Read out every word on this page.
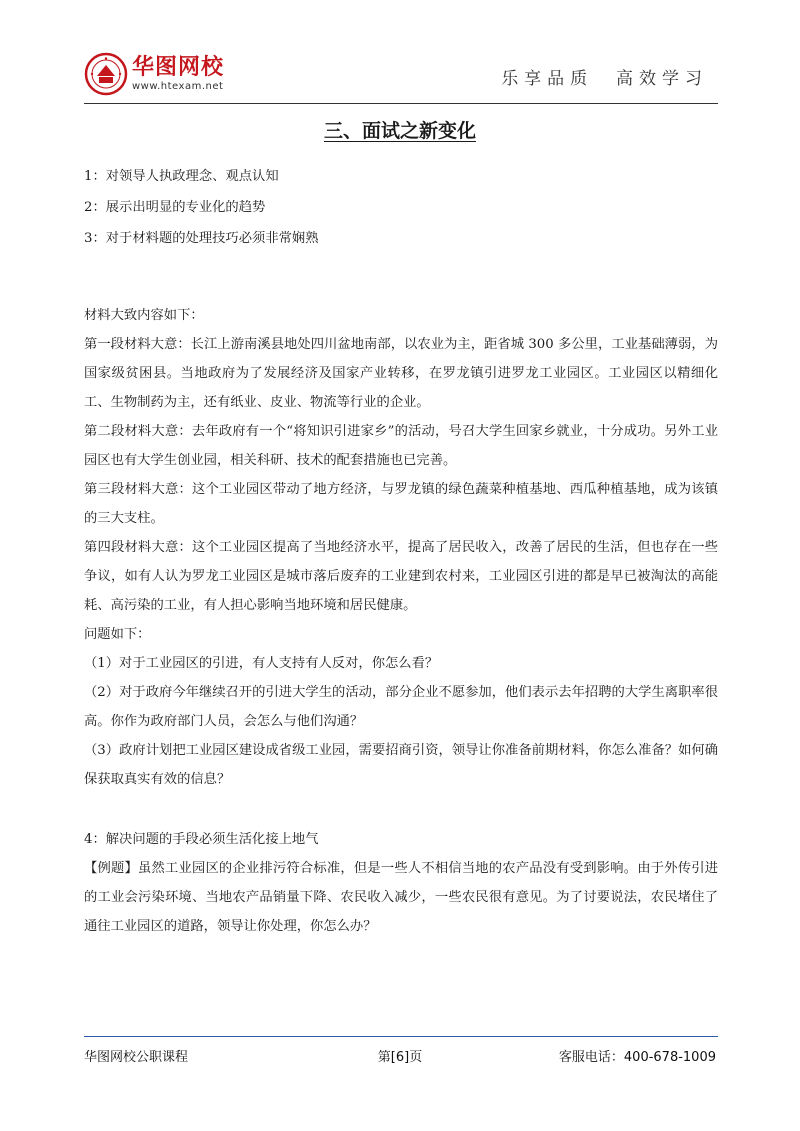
华图网校
www.htexam.net	乐享品质  高效学习
三、面试之新变化

1：对领导人执政理念、观点认知

2：展示出明显的专业化的趋势

3：对于材料题的处理技巧必须非常娴熟

材料大致内容如下：

第一段材料大意：长江上游南溪县地处四川盆地南部，以农业为主，距省城 300 多公里，工业基础薄弱，为国家级贫困县。当地政府为了发展经济及国家产业转移，在罗龙镇引进罗龙工业园区。工业园区以精细化工、生物制药为主，还有纸业、皮业、物流等行业的企业。

第二段材料大意：去年政府有一个“将知识引进家乡”的活动，号召大学生回家乡就业，十分成功。另外工业园区也有大学生创业园，相关科研、技术的配套措施也已完善。

第三段材料大意：这个工业园区带动了地方经济，与罗龙镇的绿色蔬菜种植基地、西瓜种植基地，成为该镇的三大支柱。

第四段材料大意：这个工业园区提高了当地经济水平，提高了居民收入，改善了居民的生活，但也存在一些争议，如有人认为罗龙工业园区是城市落后废弃的工业建到农村来，工业园区引进的都是早已被淘汰的高能耗、高污染的工业，有人担心影响当地环境和居民健康。

问题如下：

（1）对于工业园区的引进，有人支持有人反对，你怎么看？

（2）对于政府今年继续召开的引进大学生的活动，部分企业不愿参加，他们表示去年招聘的大学生离职率很高。你作为政府部门人员，会怎么与他们沟通？

（3）政府计划把工业园区建设成省级工业园，需要招商引资，领导让你准备前期材料，你怎么准备？如何确保获取真实有效的信息？

4：解决问题的手段必须生活化接上地气

【例题】虽然工业园区的企业排污符合标准，但是一些人不相信当地的农产品没有受到影响。由于外传引进的工业会污染环境、当地农产品销量下降、农民收入减少，一些农民很有意见。为了讨要说法，农民堵住了通往工业园区的道路，领导让你处理，你怎么办？

华图网校公职课程	第[6]页	客服电话：400-678-1009
